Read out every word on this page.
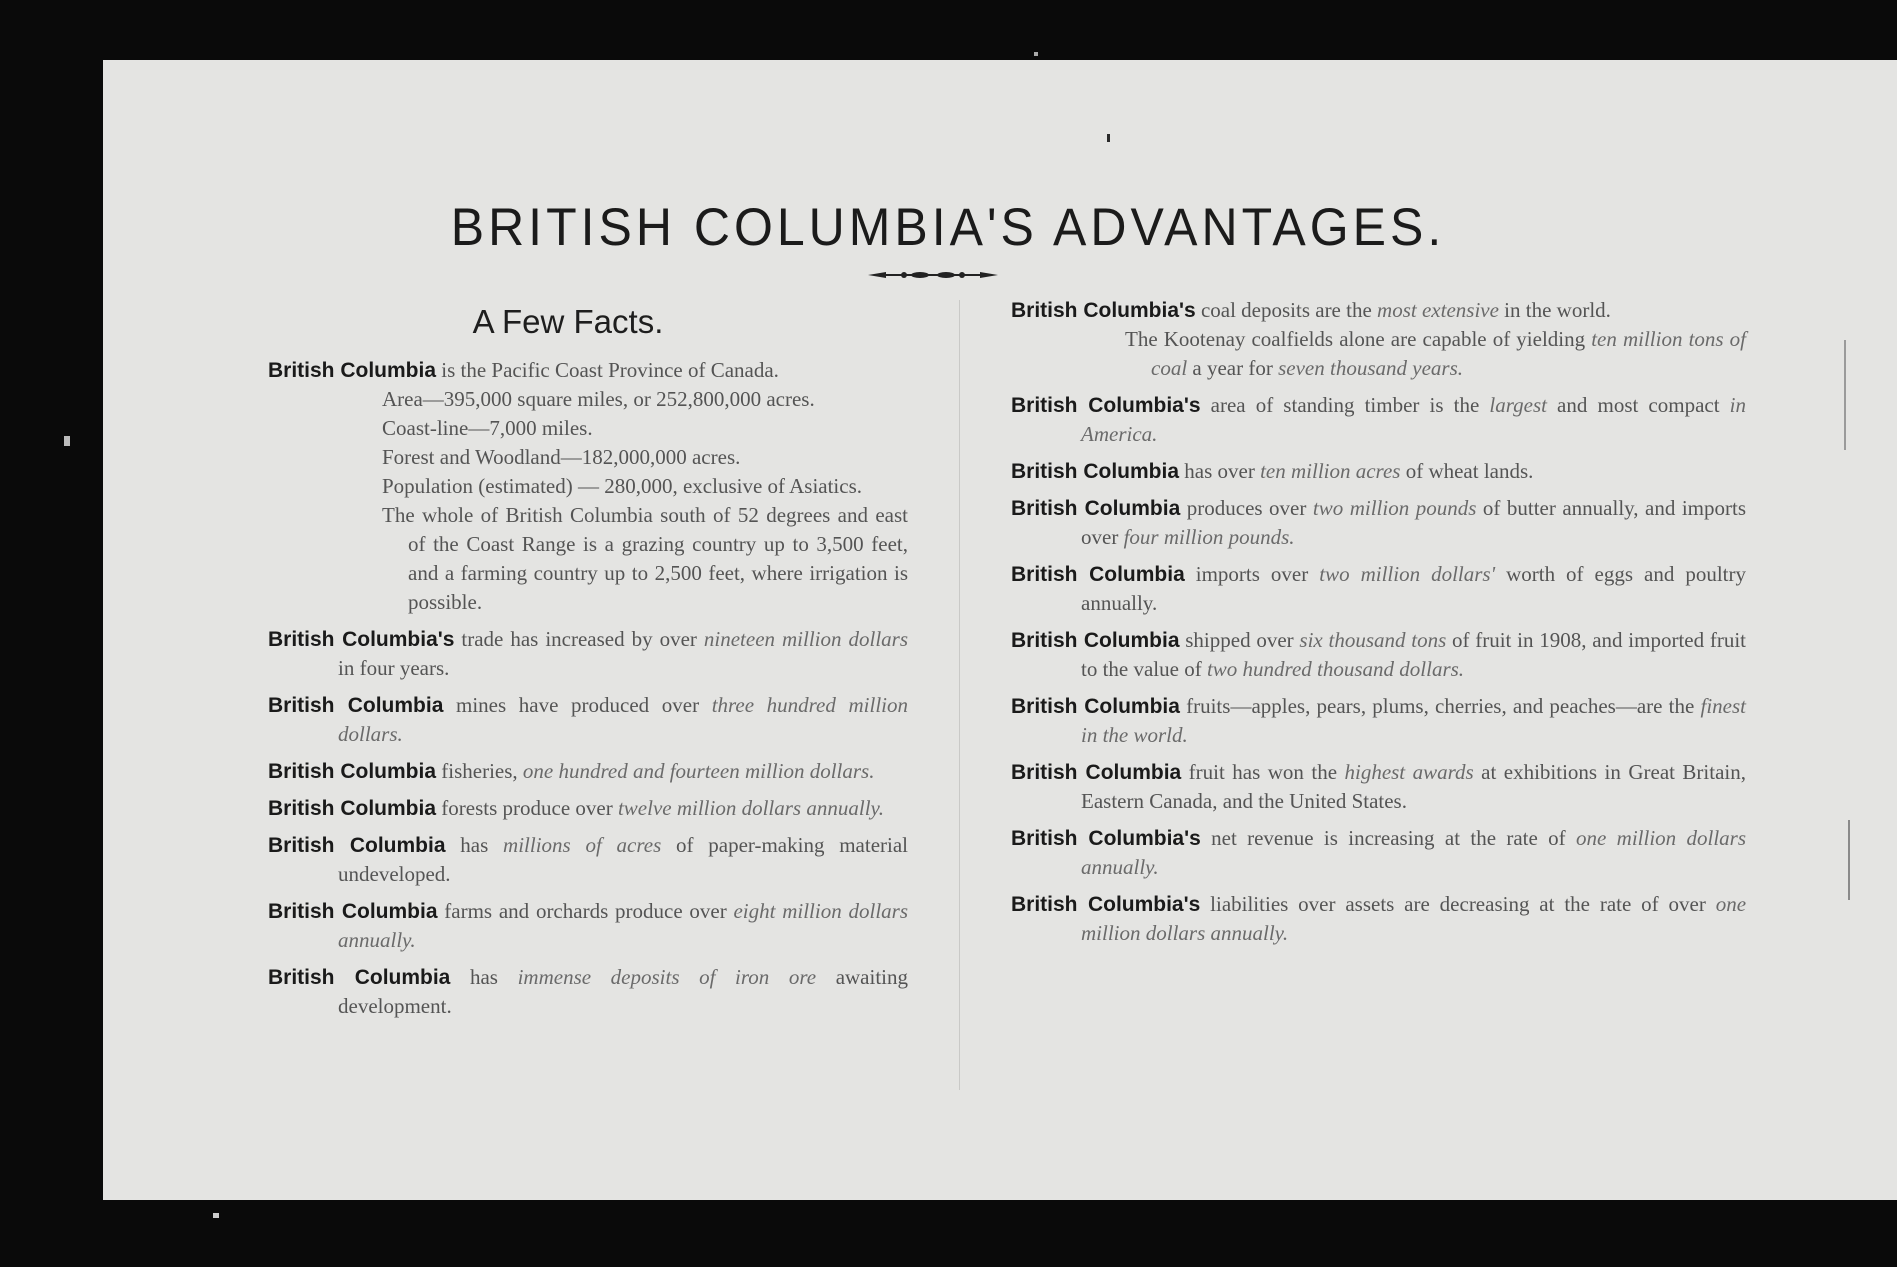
BRITISH COLUMBIA'S ADVANTAGES.
A Few Facts.
British Columbia is the Pacific Coast Province of Canada.
Area—395,000 square miles, or 252,800,000 acres.
Coast-line—7,000 miles.
Forest and Woodland—182,000,000 acres.
Population (estimated) — 280,000, exclusive of Asiatics.
The whole of British Columbia south of 52 degrees and east of the Coast Range is a grazing country up to 3,500 feet, and a farming country up to 2,500 feet, where irrigation is possible.
British Columbia's trade has increased by over nineteen million dollars in four years.
British Columbia mines have produced over three hundred million dollars.
British Columbia fisheries, one hundred and fourteen million dollars.
British Columbia forests produce over twelve million dollars annually.
British Columbia has millions of acres of paper-making material undeveloped.
British Columbia farms and orchards produce over eight million dollars annually.
British Columbia has immense deposits of iron ore awaiting development.
British Columbia's coal deposits are the most extensive in the world.
The Kootenay coalfields alone are capable of yielding ten million tons of coal a year for seven thousand years.
British Columbia's area of standing timber is the largest and most compact in America.
British Columbia has over ten million acres of wheat lands.
British Columbia produces over two million pounds of butter annually, and imports over four million pounds.
British Columbia imports over two million dollars' worth of eggs and poultry annually.
British Columbia shipped over six thousand tons of fruit in 1908, and imported fruit to the value of two hundred thousand dollars.
British Columbia fruits—apples, pears, plums, cherries, and peaches—are the finest in the world.
British Columbia fruit has won the highest awards at exhibitions in Great Britain, Eastern Canada, and the United States.
British Columbia's net revenue is increasing at the rate of one million dollars annually.
British Columbia's liabilities over assets are decreasing at the rate of over one million dollars annually.
